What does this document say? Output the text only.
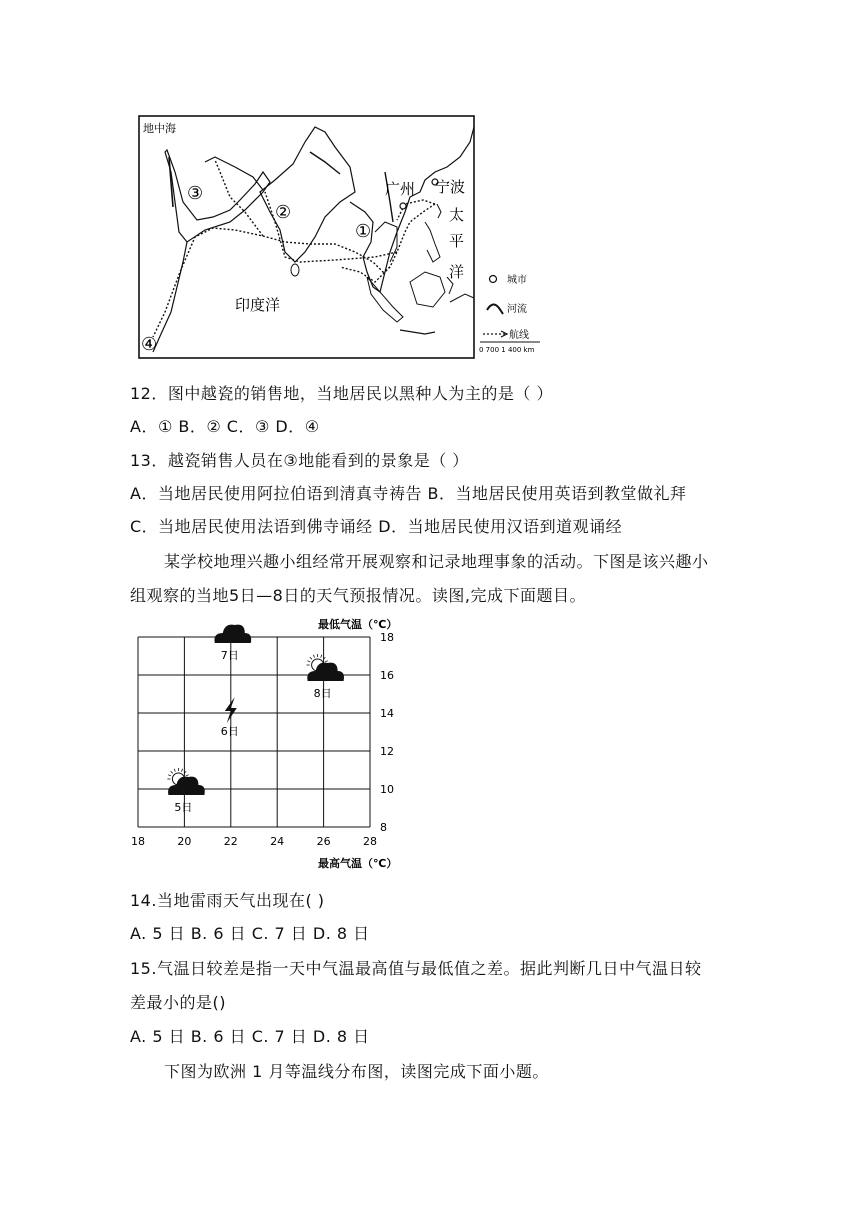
地中海
广州 宁波
太
平
洋
印度洋
①
②
③
④
城市
河流
航线
0 700 1 400 km
12．图中越瓷的销售地，当地居民以黑种人为主的是（ ）
A．① B．② C．③ D．④
13．越瓷销售人员在③地能看到的景象是（ ）
A．当地居民使用阿拉伯语到清真寺祷告 B．当地居民使用英语到教堂做礼拜
C．当地居民使用法语到佛寺诵经 D．当地居民使用汉语到道观诵经
某学校地理兴趣小组经常开展观察和记录地理事象的活动。下图是该兴趣小
组观察的当地5日—8日的天气预报情况。读图,完成下面题目。
18	20	22	24	26	28
8
10
12
14
16
18
最低气温（℃）
最高气温（℃）
5日
6日
7日
8日
14.当地雷雨天气出现在( )
A. 5 日 B. 6 日 C. 7 日 D. 8 日
15.气温日较差是指一天中气温最高值与最低值之差。据此判断几日中气温日较
差最小的是()
A. 5 日 B. 6 日 C. 7 日 D. 8 日
下图为欧洲 1 月等温线分布图，读图完成下面小题。
